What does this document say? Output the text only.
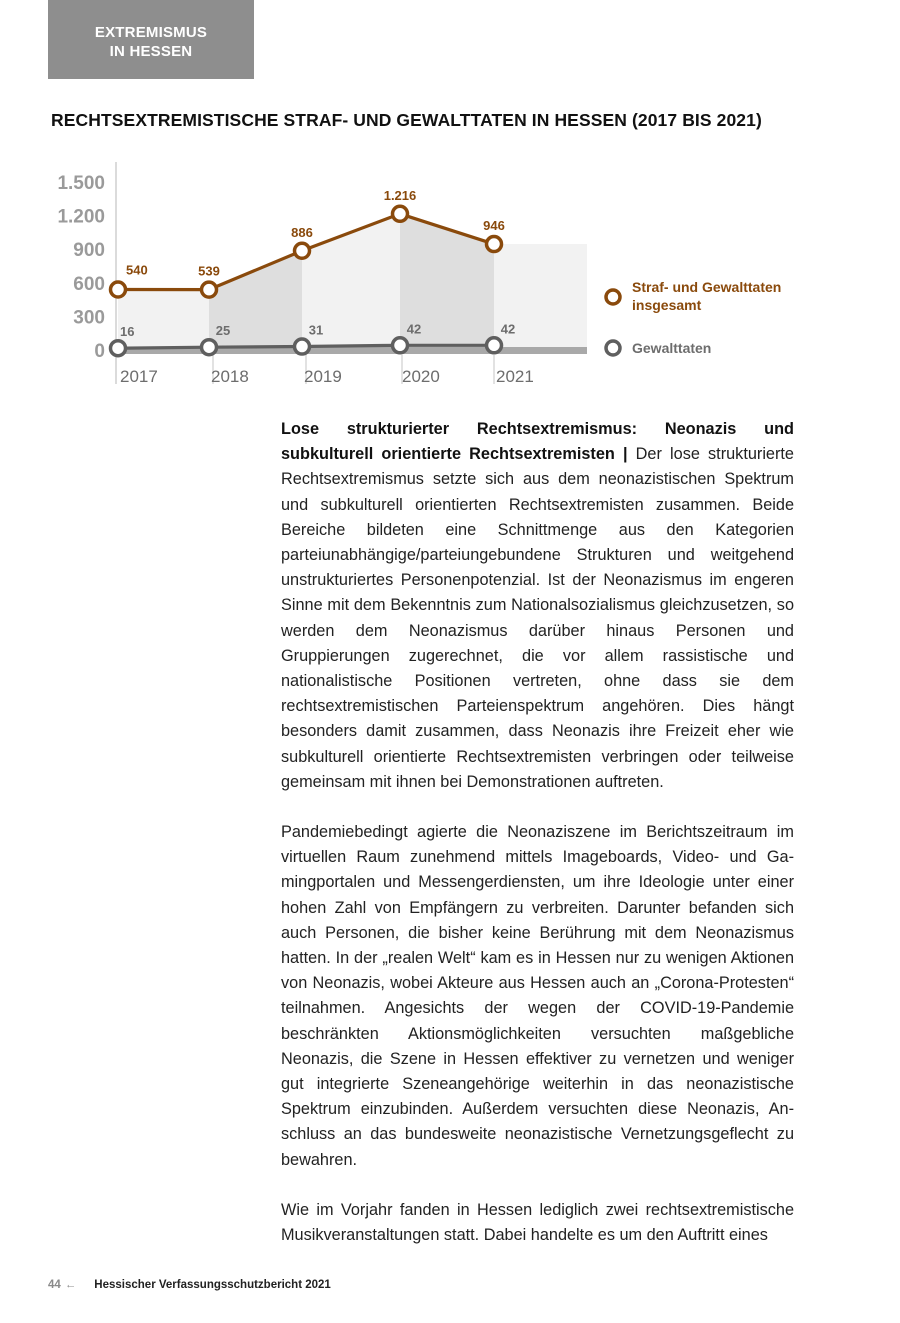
EXTREMISMUS
IN HESSEN
RECHTSEXTREMISTISCHE STRAF- UND GEWALTTATEN IN HESSEN (2017 BIS 2021)
0
300
600
900
1.200
1.500
2017	2018	2019	2020	2021
540	539
886
1.216
946
16	25	31	42	42
Straf- und Gewalttaten
insgesamt
Gewalttaten

Lose strukturierter Rechtsextremismus: Neonazis und subkulturell orientierte Rechtsextremisten | Der lose strukturierte Rechtsextremismus setzte sich aus dem neonazistischen Spektrum und subkulturell orientierten Rechtsextremisten zusammen. Beide Bereiche bildeten eine Schnittmenge aus den Kategorien parteiunabhängige/parteiungebundene Strukturen und weitgehend unstrukturiertes Personenpotenzial. Ist der Neonazismus im engeren Sinne mit dem Bekenntnis zum Nationalsozialismus gleichzusetzen, so werden dem Neonazismus darüber hinaus Personen und Gruppierungen zugerechnet, die vor allem rassistische und nationalistische Positionen vertreten, ohne dass sie dem rechtsextremistischen Parteienspektrum angehören. Dies hängt besonders damit zusammen, dass Neonazis ihre Freizeit eher wie subkulturell orientierte Rechtsextremisten verbringen oder teilweise gemeinsam mit ihnen bei Demonstrationen auftreten.

Pandemiebedingt agierte die Neonaziszene im Berichtszeitraum im virtuellen Raum zunehmend mittels Imageboards, Video- und Gamingportalen und Messengerdiensten, um ihre Ideologie unter einer hohen Zahl von Empfängern zu verbreiten. Darunter befanden sich auch Personen, die bisher keine Berührung mit dem Neonazismus hatten. In der „realen Welt“ kam es in Hessen nur zu wenigen Aktionen von Neonazis, wobei Akteure aus Hessen auch an „Corona-Protesten“ teilnahmen. Angesichts der wegen der COVID-19-Pandemie beschränkten Aktionsmöglichkeiten versuchten maßgebliche Neonazis, die Szene in Hessen effektiver zu vernetzen und weniger gut integrierte Szeneangehörige weiterhin in das neonazistische Spektrum einzubinden. Außerdem versuchten diese Neonazis, Anschluss an das bundesweite neonazistische Vernetzungsgeflecht zu bewahren.

Wie im Vorjahr fanden in Hessen lediglich zwei rechtsextremistische Musikveranstaltungen statt. Dabei handelte es um den Auftritt eines

44 ← Hessischer Verfassungsschutzbericht 2021
